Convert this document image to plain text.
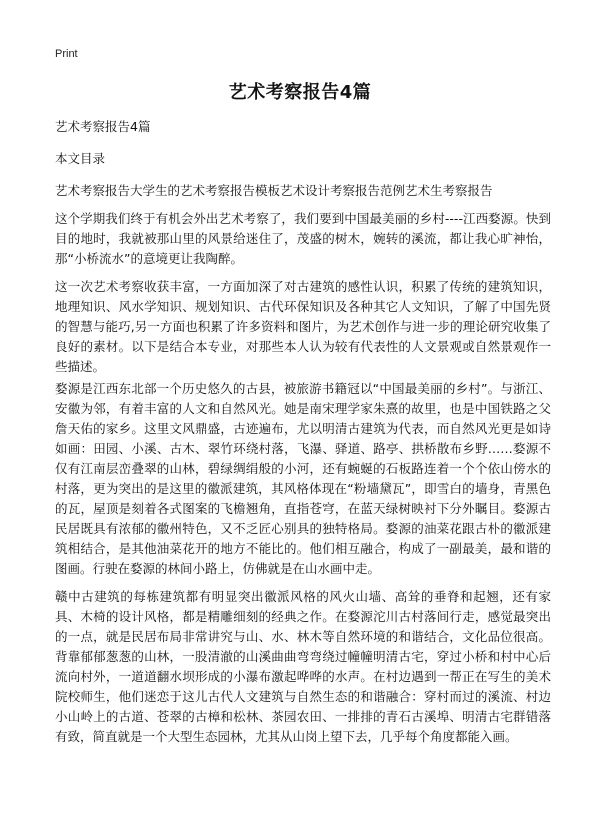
Print
艺术考察报告4篇
艺术考察报告4篇
本文目录
艺术考察报告大学生的艺术考察报告模板艺术设计考察报告范例艺术生考察报告
这个学期我们终于有机会外出艺术考察了，我们要到中国最美丽的乡村----江西婺源。快到目的地时，我就被那山里的风景给迷住了，茂盛的树木，婉转的溪流，都让我心旷神怡，那“小桥流水”的意境更让我陶醉。
这一次艺术考察收获丰富，一方面加深了对古建筑的感性认识，积累了传统的建筑知识，地理知识、风水学知识、规划知识、古代环保知识及各种其它人文知识，了解了中国先贤的智慧与能巧,另一方面也积累了许多资料和图片，为艺术创作与进一步的理论研究收集了良好的素材。以下是结合本专业，对那些本人认为较有代表性的人文景观或自然景观作一些描述。
婺源是江西东北部一个历史悠久的古县，被旅游书籍冠以“中国最美丽的乡村”。与浙江、安徽为邻，有着丰富的人文和自然风光。她是南宋理学家朱熹的故里，也是中国铁路之父詹天佑的家乡。这里文风鼎盛，古迹遍布，尤以明清古建筑为代表，而自然风光更是如诗如画：田园、小溪、古木、翠竹环绕村落，飞瀑、驿道、路亭、拱桥散布乡野……婺源不仅有江南层峦叠翠的山林，碧绿绸绢般的小河，还有蜿蜒的石板路连着一个个依山傍水的村落，更为突出的是这里的徽派建筑，其风格体现在“粉墙黛瓦”，即雪白的墙身，青黑色的瓦，屋顶是刻着各式图案的飞檐翘角，直指苍穹，在蓝天绿树映衬下分外瞩目。婺源古民居既具有浓郁的徽州特色，又不乏匠心别具的独特格局。婺源的油菜花跟古朴的徽派建筑相结合，是其他油菜花开的地方不能比的。他们相互融合，构成了一副最美，最和谐的图画。行驶在婺源的林间小路上，仿佛就是在山水画中走。
赣中古建筑的每栋建筑都有明显突出徽派风格的风火山墙、高耸的垂脊和起翘，还有家具、木椅的设计风格，都是精雕细刻的经典之作。在婺源沱川古村落间行走，感觉最突出的一点，就是民居布局非常讲究与山、水、林木等自然环境的和谐结合，文化品位很高。背靠郁郁葱葱的山林，一股清澈的山溪曲曲弯弯绕过幢幢明清古宅，穿过小桥和村中心后流向村外，一道道翻水坝形成的小瀑布激起哗哗的水声。在村边遇到一帮正在写生的美术院校师生，他们迷恋于这儿古代人文建筑与自然生态的和谐融合：穿村而过的溪流、村边小山岭上的古道、苍翠的古樟和松林、茶园农田、一排排的青石古溪埠、明清古宅群错落有致，简直就是一个大型生态园林，尤其从山岗上望下去，几乎每个角度都能入画。
